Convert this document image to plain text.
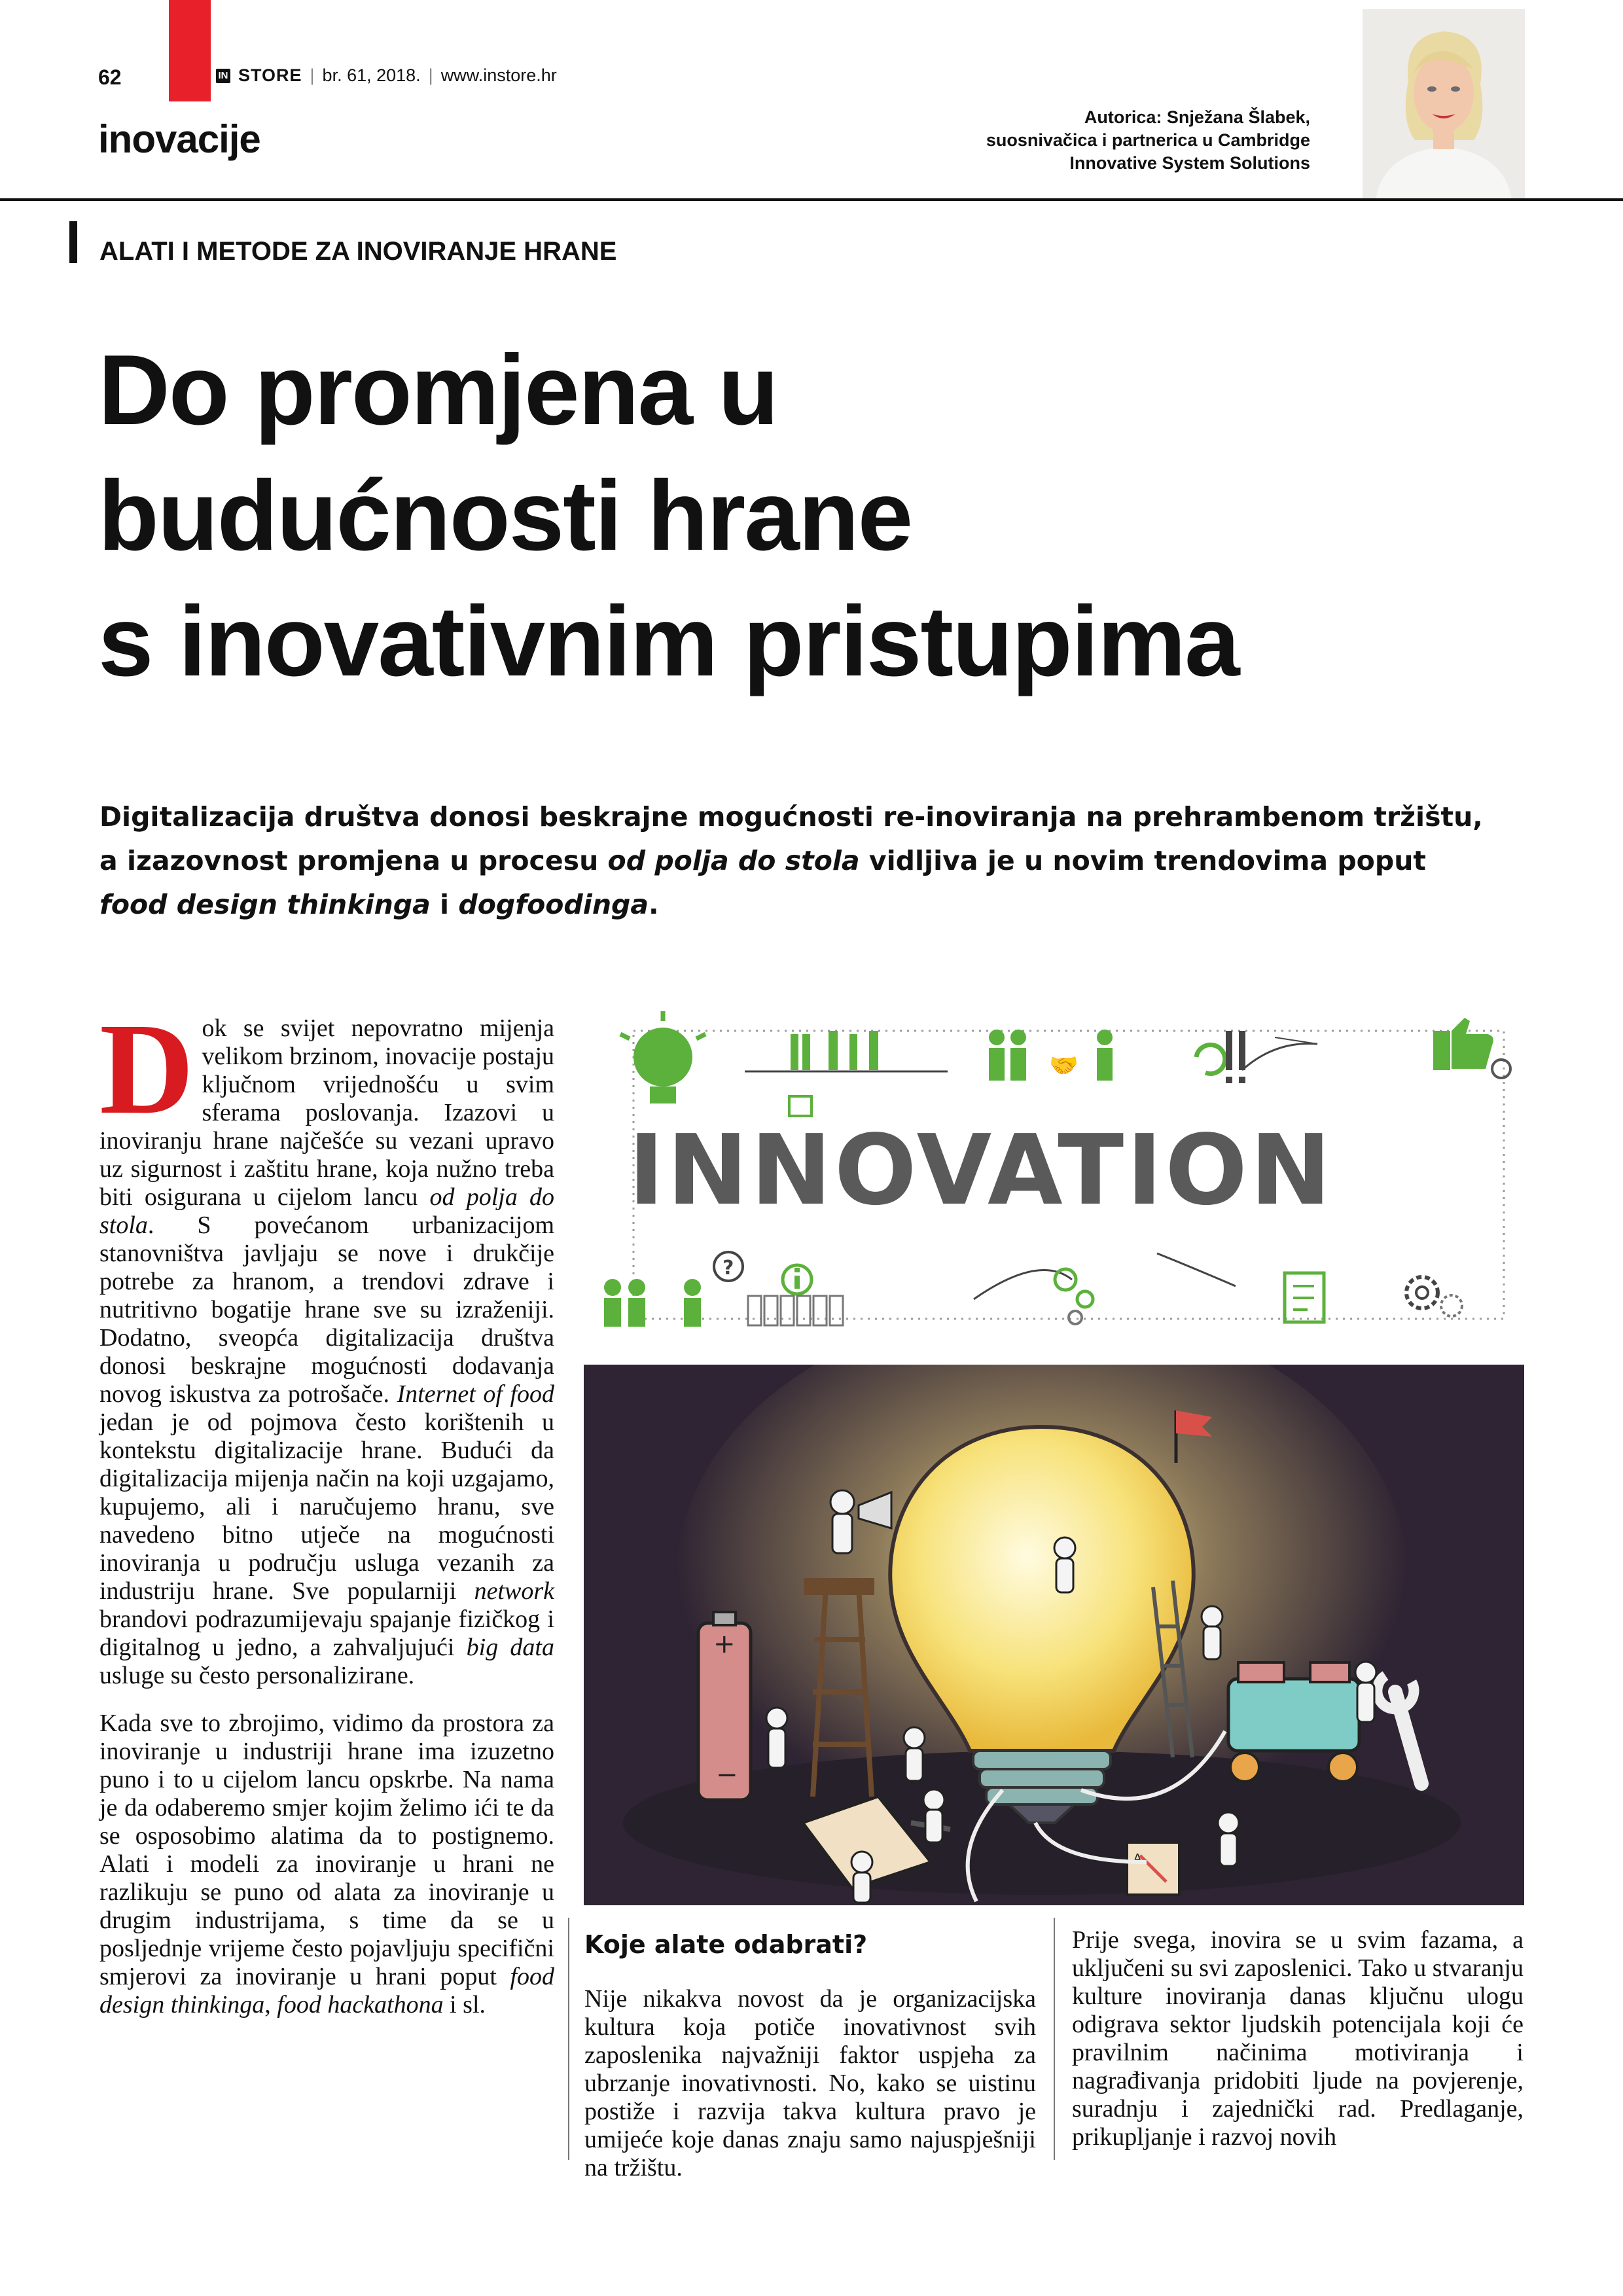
62	IN STORE | br. 61, 2018. | www.instore.hr
inovacije	Autorica: Snježana Šlabek,
suosnivačica i partnerica u Cambridge
Innovative System Solutions
ALATI I METODE ZA INOVIRANJE HRANE
Do promjena u
budućnosti hrane
s inovativnim pristupima
Digitalizacija društva donosi beskrajne mogućnosti re-inoviranja na prehrambenom tržištu,
a izazovnost promjena u procesu od polja do stola vidljiva je u novim trendovima poput
food design thinkinga i dogfoodinga.

Dok se svijet nepovratno mijenja velikom brzinom, inovacije postaju ključnom vrijednošću u svim sferama poslovanja. Izazovi u inoviranju hrane najčešće su vezani upravo uz sigurnost i zaštitu hrane, koja nužno treba biti osigurana u cijelom lancu od polja do stola. S povećanom urbanizacijom stanovništva javljaju se nove i drukčije potrebe za hranom, a trendovi zdrave i nutritivno bogatije hrane sve su izraženiji. Dodatno, sveopća digitalizacija društva donosi beskrajne mogućnosti dodavanja novog iskustva za potrošače. Internet of food jedan je od pojmova često korištenih u kontekstu digitalizacije hrane. Budući da digitalizacija mijenja način na koji uzgajamo, kupujemo, ali i naručujemo hranu, sve navedeno bitno utječe na mogućnosti inoviranja u području usluga vezanih za industriju hrane. Sve popularniji network brandovi podrazumijevaju spajanje fizičkog i digitalnog u jedno, a zahvaljujući big data usluge su često personalizirane.

Kada sve to zbrojimo, vidimo da prostora za inoviranje u industriji hrane ima izuzetno puno i to u cijelom lancu opskrbe. Na nama je da odaberemo smjer kojim želimo ići te da se osposobimo alatima da to postignemo. Alati i modeli za inoviranje u hrani ne razlikuju se puno od alata za inoviranje u drugim industrijama, s time da se u posljednje vrijeme često pojavljuju specifični smjerovi za inoviranje u hrani poput food design thinkinga, food hackathona i sl.

🤝
?
INNOVATION
+
−
A
Koje alate odabrati?

Nije nikakva novost da je organizacijska kultura koja potiče inovativnost svih zaposlenika najvažniji faktor uspjeha za ubrzanje inovativnosti. No, kako se uistinu postiže i razvija takva kultura pravo je umijeće koje danas znaju samo najuspješniji na tržištu.

Prije svega, inovira se u svim fazama, a uključeni su svi zaposlenici. Tako u stvaranju kulture inoviranja danas ključnu ulogu odigrava sektor ljudskih potencijala koji će pravilnim načinima motiviranja i nagrađivanja pridobiti ljude na povjerenje, suradnju i zajednički rad. Predlaganje, prikupljanje i razvoj novih
